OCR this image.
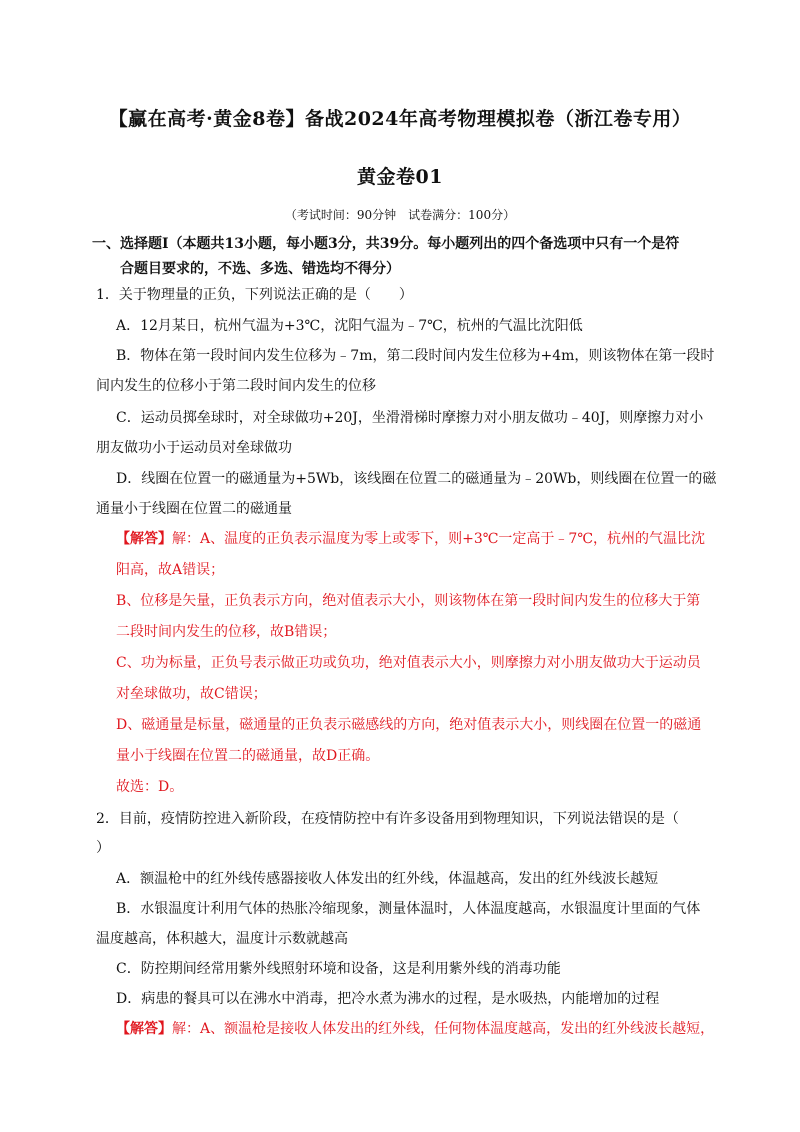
【赢在高考·黄金8卷】备战2024年高考物理模拟卷（浙江卷专用）
黄金卷01
（考试时间：90分钟　试卷满分：100分）
一、选择题Ⅰ（本题共13小题，每小题3分，共39分。每小题列出的四个备选项中只有一个是符
合题目要求的，不选、多选、错选均不得分）
1．关于物理量的正负，下列说法正确的是（　　）
A．12月某日，杭州气温为+3℃，沈阳气温为﹣7℃，杭州的气温比沈阳低
B．物体在第一段时间内发生位移为﹣7m，第二段时间内发生位移为+4m，则该物体在第一段时
间内发生的位移小于第二段时间内发生的位移
C．运动员掷垒球时，对全球做功+20J，坐滑滑梯时摩擦力对小朋友做功﹣40J，则摩擦力对小
朋友做功小于运动员对垒球做功
D．线圈在位置一的磁通量为+5Wb，该线圈在位置二的磁通量为﹣20Wb，则线圈在位置一的磁
通量小于线圈在位置二的磁通量
【解答】解：A、温度的正负表示温度为零上或零下，则+3℃一定高于﹣7℃，杭州的气温比沈
阳高，故A错误；
B、位移是矢量，正负表示方向，绝对值表示大小，则该物体在第一段时间内发生的位移大于第
二段时间内发生的位移，故B错误；
C、功为标量，正负号表示做正功或负功，绝对值表示大小，则摩擦力对小朋友做功大于运动员
对垒球做功，故C错误；
D、磁通量是标量，磁通量的正负表示磁感线的方向，绝对值表示大小，则线圈在位置一的磁通
量小于线圈在位置二的磁通量，故D正确。
故选：D。
2．目前，疫情防控进入新阶段，在疫情防控中有许多设备用到物理知识，下列说法错误的是（
）
A．额温枪中的红外线传感器接收人体发出的红外线，体温越高，发出的红外线波长越短
B．水银温度计利用气体的热胀冷缩现象，测量体温时，人体温度越高，水银温度计里面的气体
温度越高，体积越大，温度计示数就越高
C．防控期间经常用紫外线照射环境和设备，这是利用紫外线的消毒功能
D．病患的餐具可以在沸水中消毒，把冷水煮为沸水的过程，是水吸热，内能增加的过程
【解答】解：A、额温枪是接收人体发出的红外线，任何物体温度越高，发出的红外线波长越短，
